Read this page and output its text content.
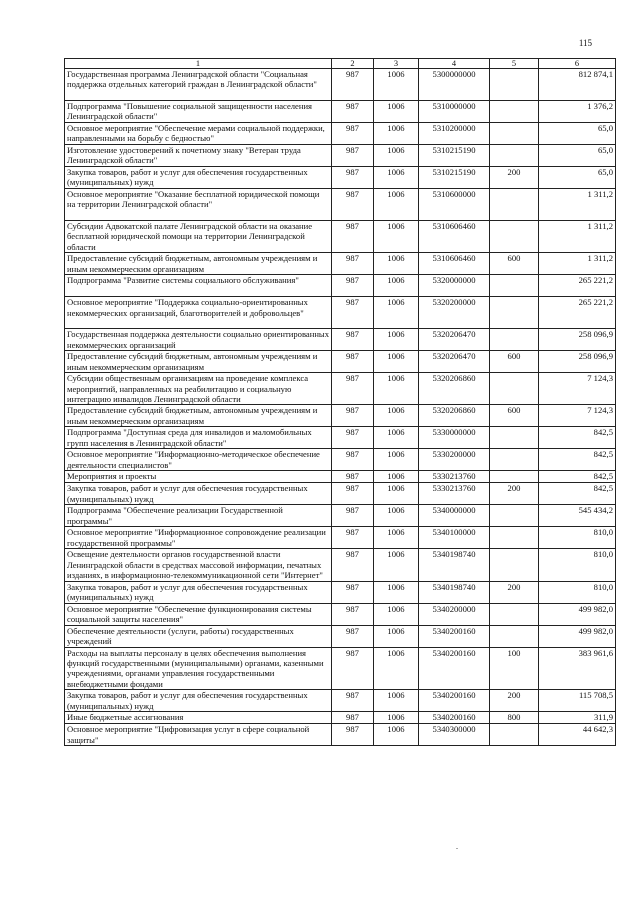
115
1	2	3	4	5	6
Государственная программа Ленинградской области "Социальная поддержка отдельных категорий граждан в Ленинградской области"	987	1006	5300000000		812 874,1
Подпрограмма "Повышение социальной защищенности населения Ленинградской области"	987	1006	5310000000		1 376,2
Основное мероприятие "Обеспечение мерами социальной поддержки, направленными на борьбу с бедностью"	987	1006	5310200000		65,0
Изготовление удостоверений к почетному знаку "Ветеран труда Ленинградской области"	987	1006	5310215190		65,0
Закупка товаров, работ и услуг для обеспечения государственных (муниципальных) нужд	987	1006	5310215190	200	65,0
Основное мероприятие "Оказание бесплатной юридической помощи на территории Ленинградской области"	987	1006	5310600000		1 311,2
Субсидии Адвокатской палате Ленинградской области на оказание бесплатной юридической помощи на территории Ленинградской области	987	1006	5310606460		1 311,2
Предоставление субсидий бюджетным, автономным учреждениям и иным некоммерческим организациям	987	1006	5310606460	600	1 311,2
Подпрограмма "Развитие системы социального обслуживания"	987	1006	5320000000		265 221,2
Основное мероприятие "Поддержка социально-ориентированных некоммерческих организаций, благотворителей и добровольцев"	987	1006	5320200000		265 221,2
Государственная поддержка деятельности социально ориентированных некоммерческих организаций	987	1006	5320206470		258 096,9
Предоставление субсидий бюджетным, автономным учреждениям и иным некоммерческим организациям	987	1006	5320206470	600	258 096,9
Субсидии общественным организациям на проведение комплекса мероприятий, направленных на реабилитацию и социальную интеграцию инвалидов Ленинградской области	987	1006	5320206860		7 124,3
Предоставление субсидий бюджетным, автономным учреждениям и иным некоммерческим организациям	987	1006	5320206860	600	7 124,3
Подпрограмма "Доступная среда для инвалидов и маломобильных групп населения в Ленинградской области"	987	1006	5330000000		842,5
Основное мероприятие "Информационно-методическое обеспечение деятельности специалистов"	987	1006	5330200000		842,5
Мероприятия и проекты	987	1006	5330213760		842,5
Закупка товаров, работ и услуг для обеспечения государственных (муниципальных) нужд	987	1006	5330213760	200	842,5
Подпрограмма "Обеспечение реализации Государственной программы"	987	1006	5340000000		545 434,2
Основное мероприятие "Информационное сопровождение реализации государственной программы"	987	1006	5340100000		810,0
Освещение деятельности органов государственной власти Ленинградской области в средствах массовой информации, печатных изданиях, в информационно-телекоммуникационной сети "Интернет"	987	1006	5340198740		810,0
Закупка товаров, работ и услуг для обеспечения государственных (муниципальных) нужд	987	1006	5340198740	200	810,0
Основное мероприятие "Обеспечение функционирования системы социальной защиты населения"	987	1006	5340200000		499 982,0
Обеспечение деятельности (услуги, работы) государственных учреждений	987	1006	5340200160		499 982,0
Расходы на выплаты персоналу в целях обеспечения выполнения функций государственными (муниципальными) органами, казенными учреждениями, органами управления государственными внебюджетными фондами	987	1006	5340200160	100	383 961,6
Закупка товаров, работ и услуг для обеспечения государственных (муниципальных) нужд	987	1006	5340200160	200	115 708,5
Иные бюджетные ассигнования	987	1006	5340200160	800	311,9
Основное мероприятие "Цифровизация услуг в сфере социальной защиты"	987	1006	5340300000		44 642,3
